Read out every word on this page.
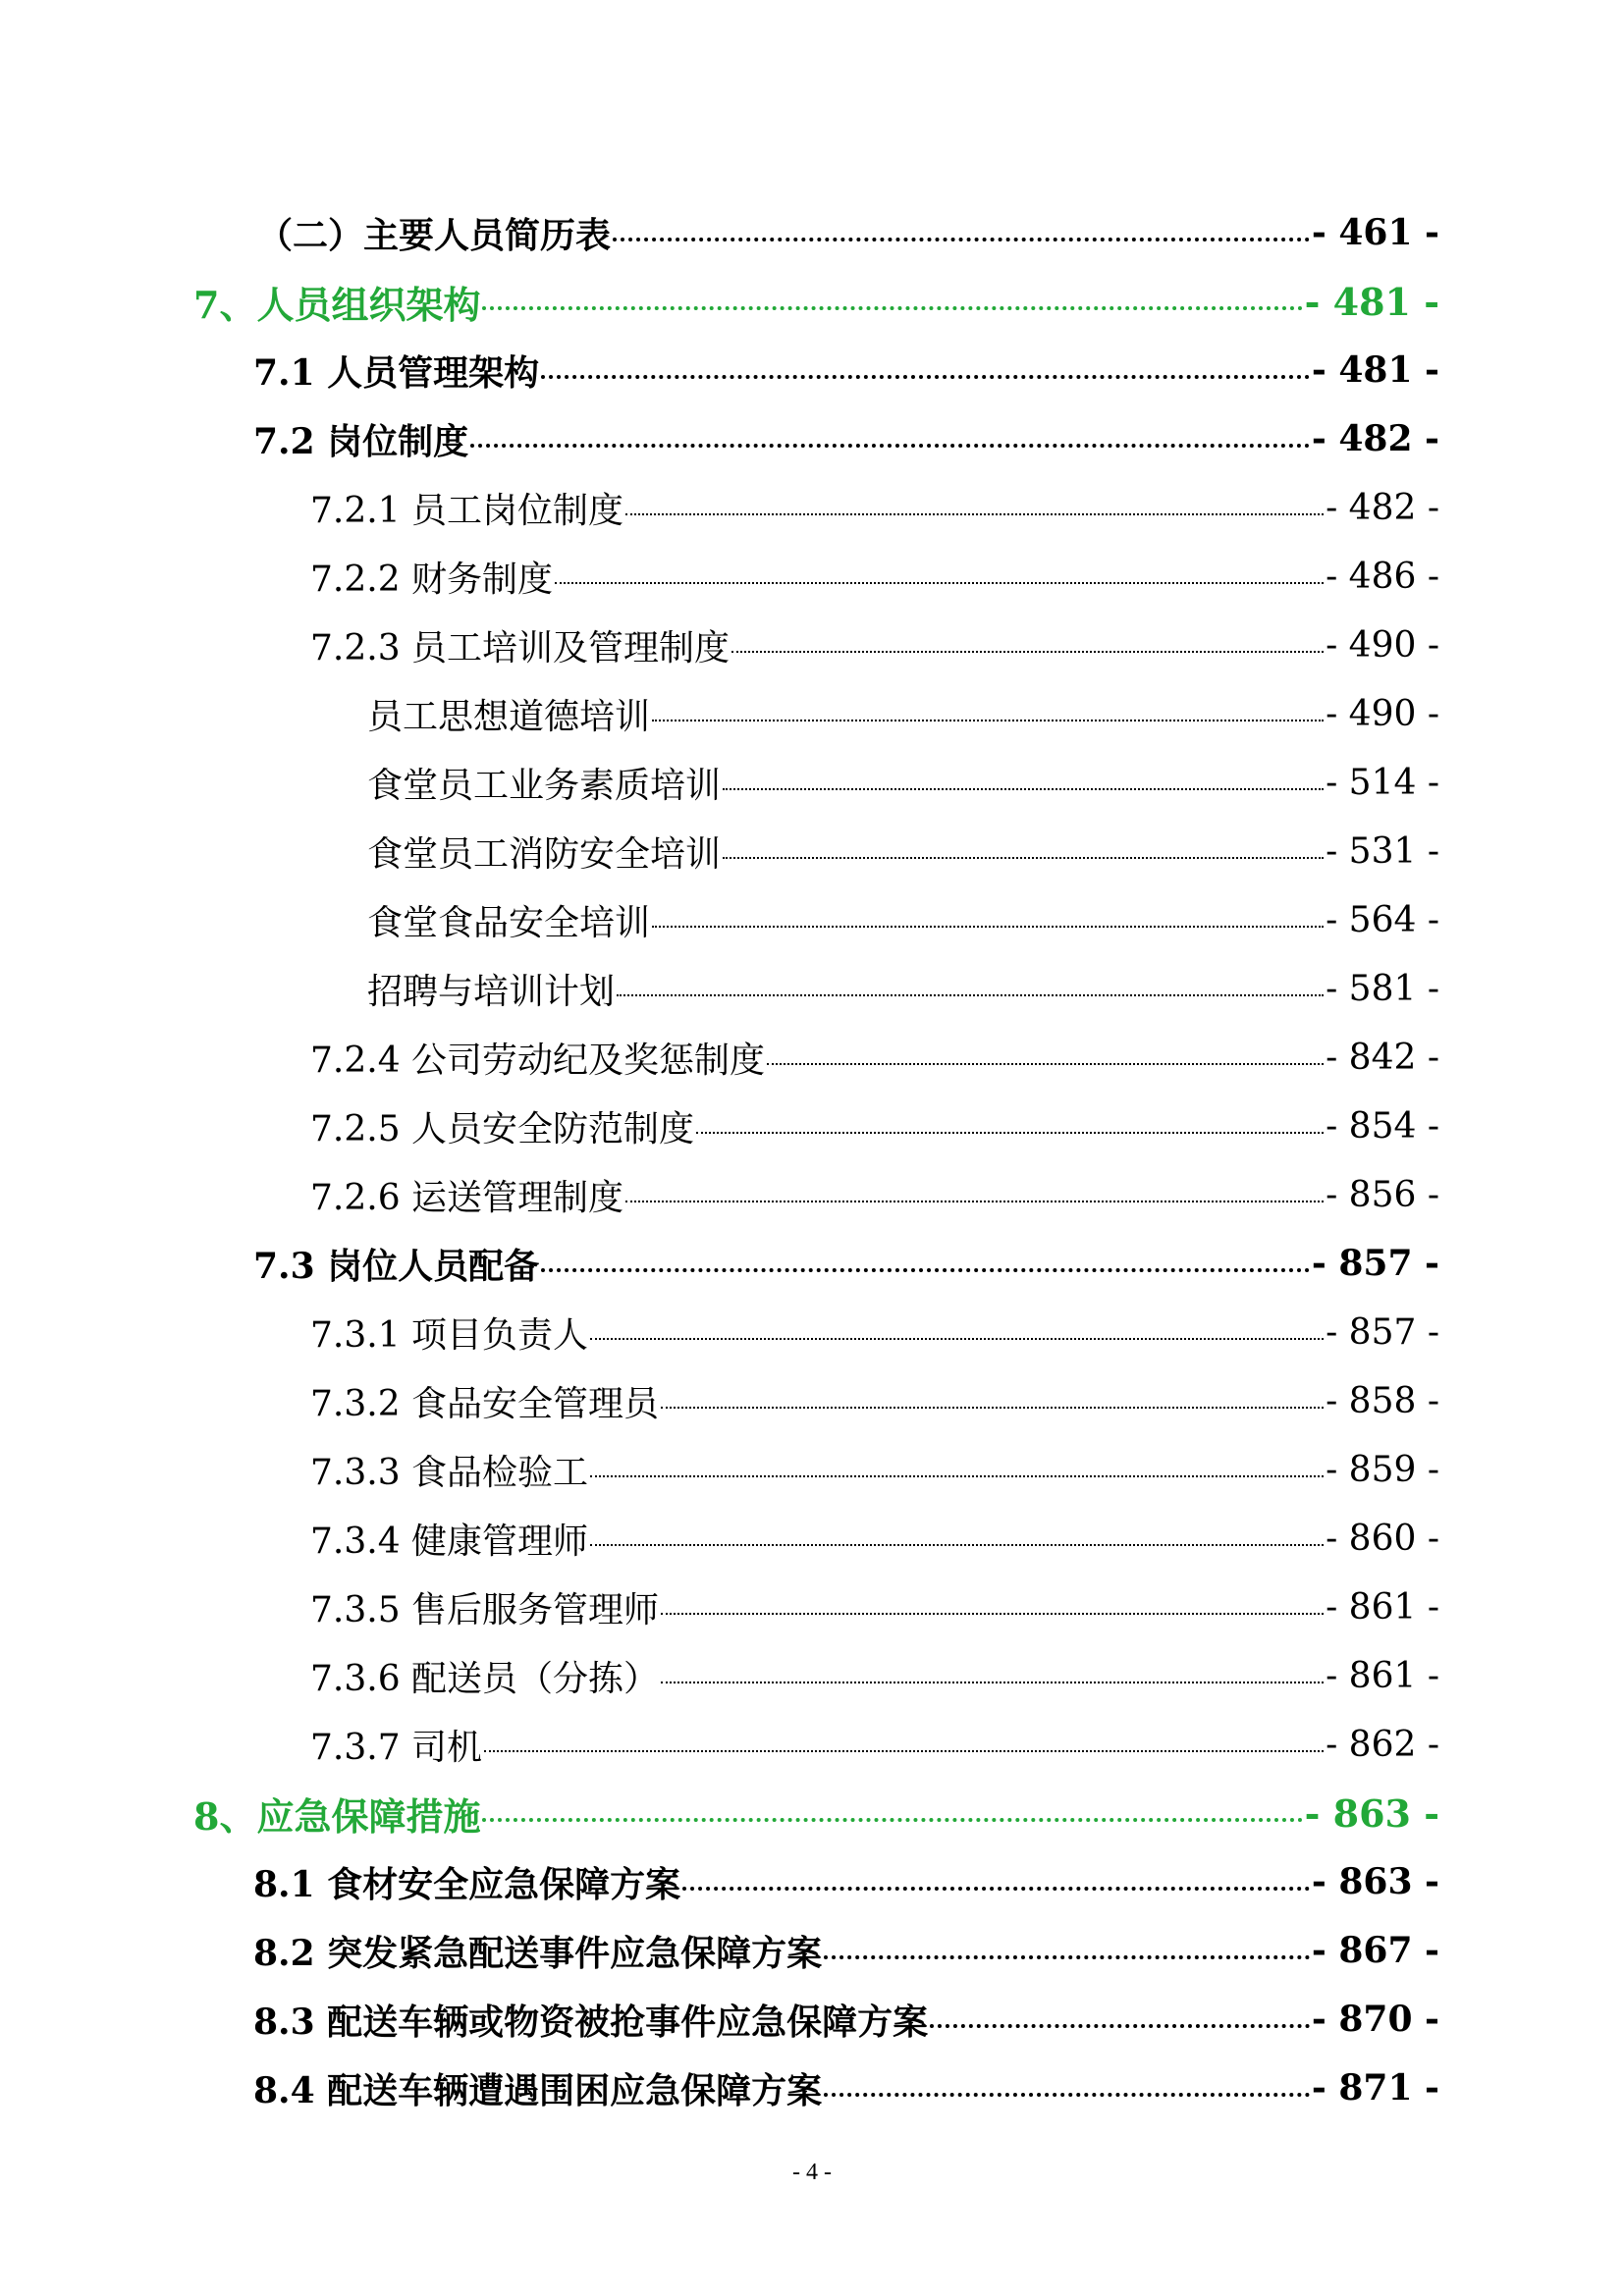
（二）主要人员简历表	- 461 -
7、人员组织架构	- 481 -
7.1 人员管理架构	- 481 -
7.2 岗位制度	- 482 -
7.2.1 员工岗位制度	- 482 -
7.2.2 财务制度	- 486 -
7.2.3 员工培训及管理制度	- 490 -
员工思想道德培训	- 490 -
食堂员工业务素质培训	- 514 -
食堂员工消防安全培训	- 531 -
食堂食品安全培训	- 564 -
招聘与培训计划	- 581 -
7.2.4 公司劳动纪及奖惩制度	- 842 -
7.2.5 人员安全防范制度	- 854 -
7.2.6 运送管理制度	- 856 -
7.3 岗位人员配备	- 857 -
7.3.1 项目负责人	- 857 -
7.3.2 食品安全管理员	- 858 -
7.3.3 食品检验工	- 859 -
7.3.4 健康管理师	- 860 -
7.3.5 售后服务管理师	- 861 -
7.3.6 配送员（分拣）	- 861 -
7.3.7 司机	- 862 -
8、应急保障措施	- 863 -
8.1 食材安全应急保障方案	- 863 -
8.2 突发紧急配送事件应急保障方案	- 867 -
8.3 配送车辆或物资被抢事件应急保障方案	- 870 -
8.4 配送车辆遭遇围困应急保障方案	- 871 -
- 4 -
